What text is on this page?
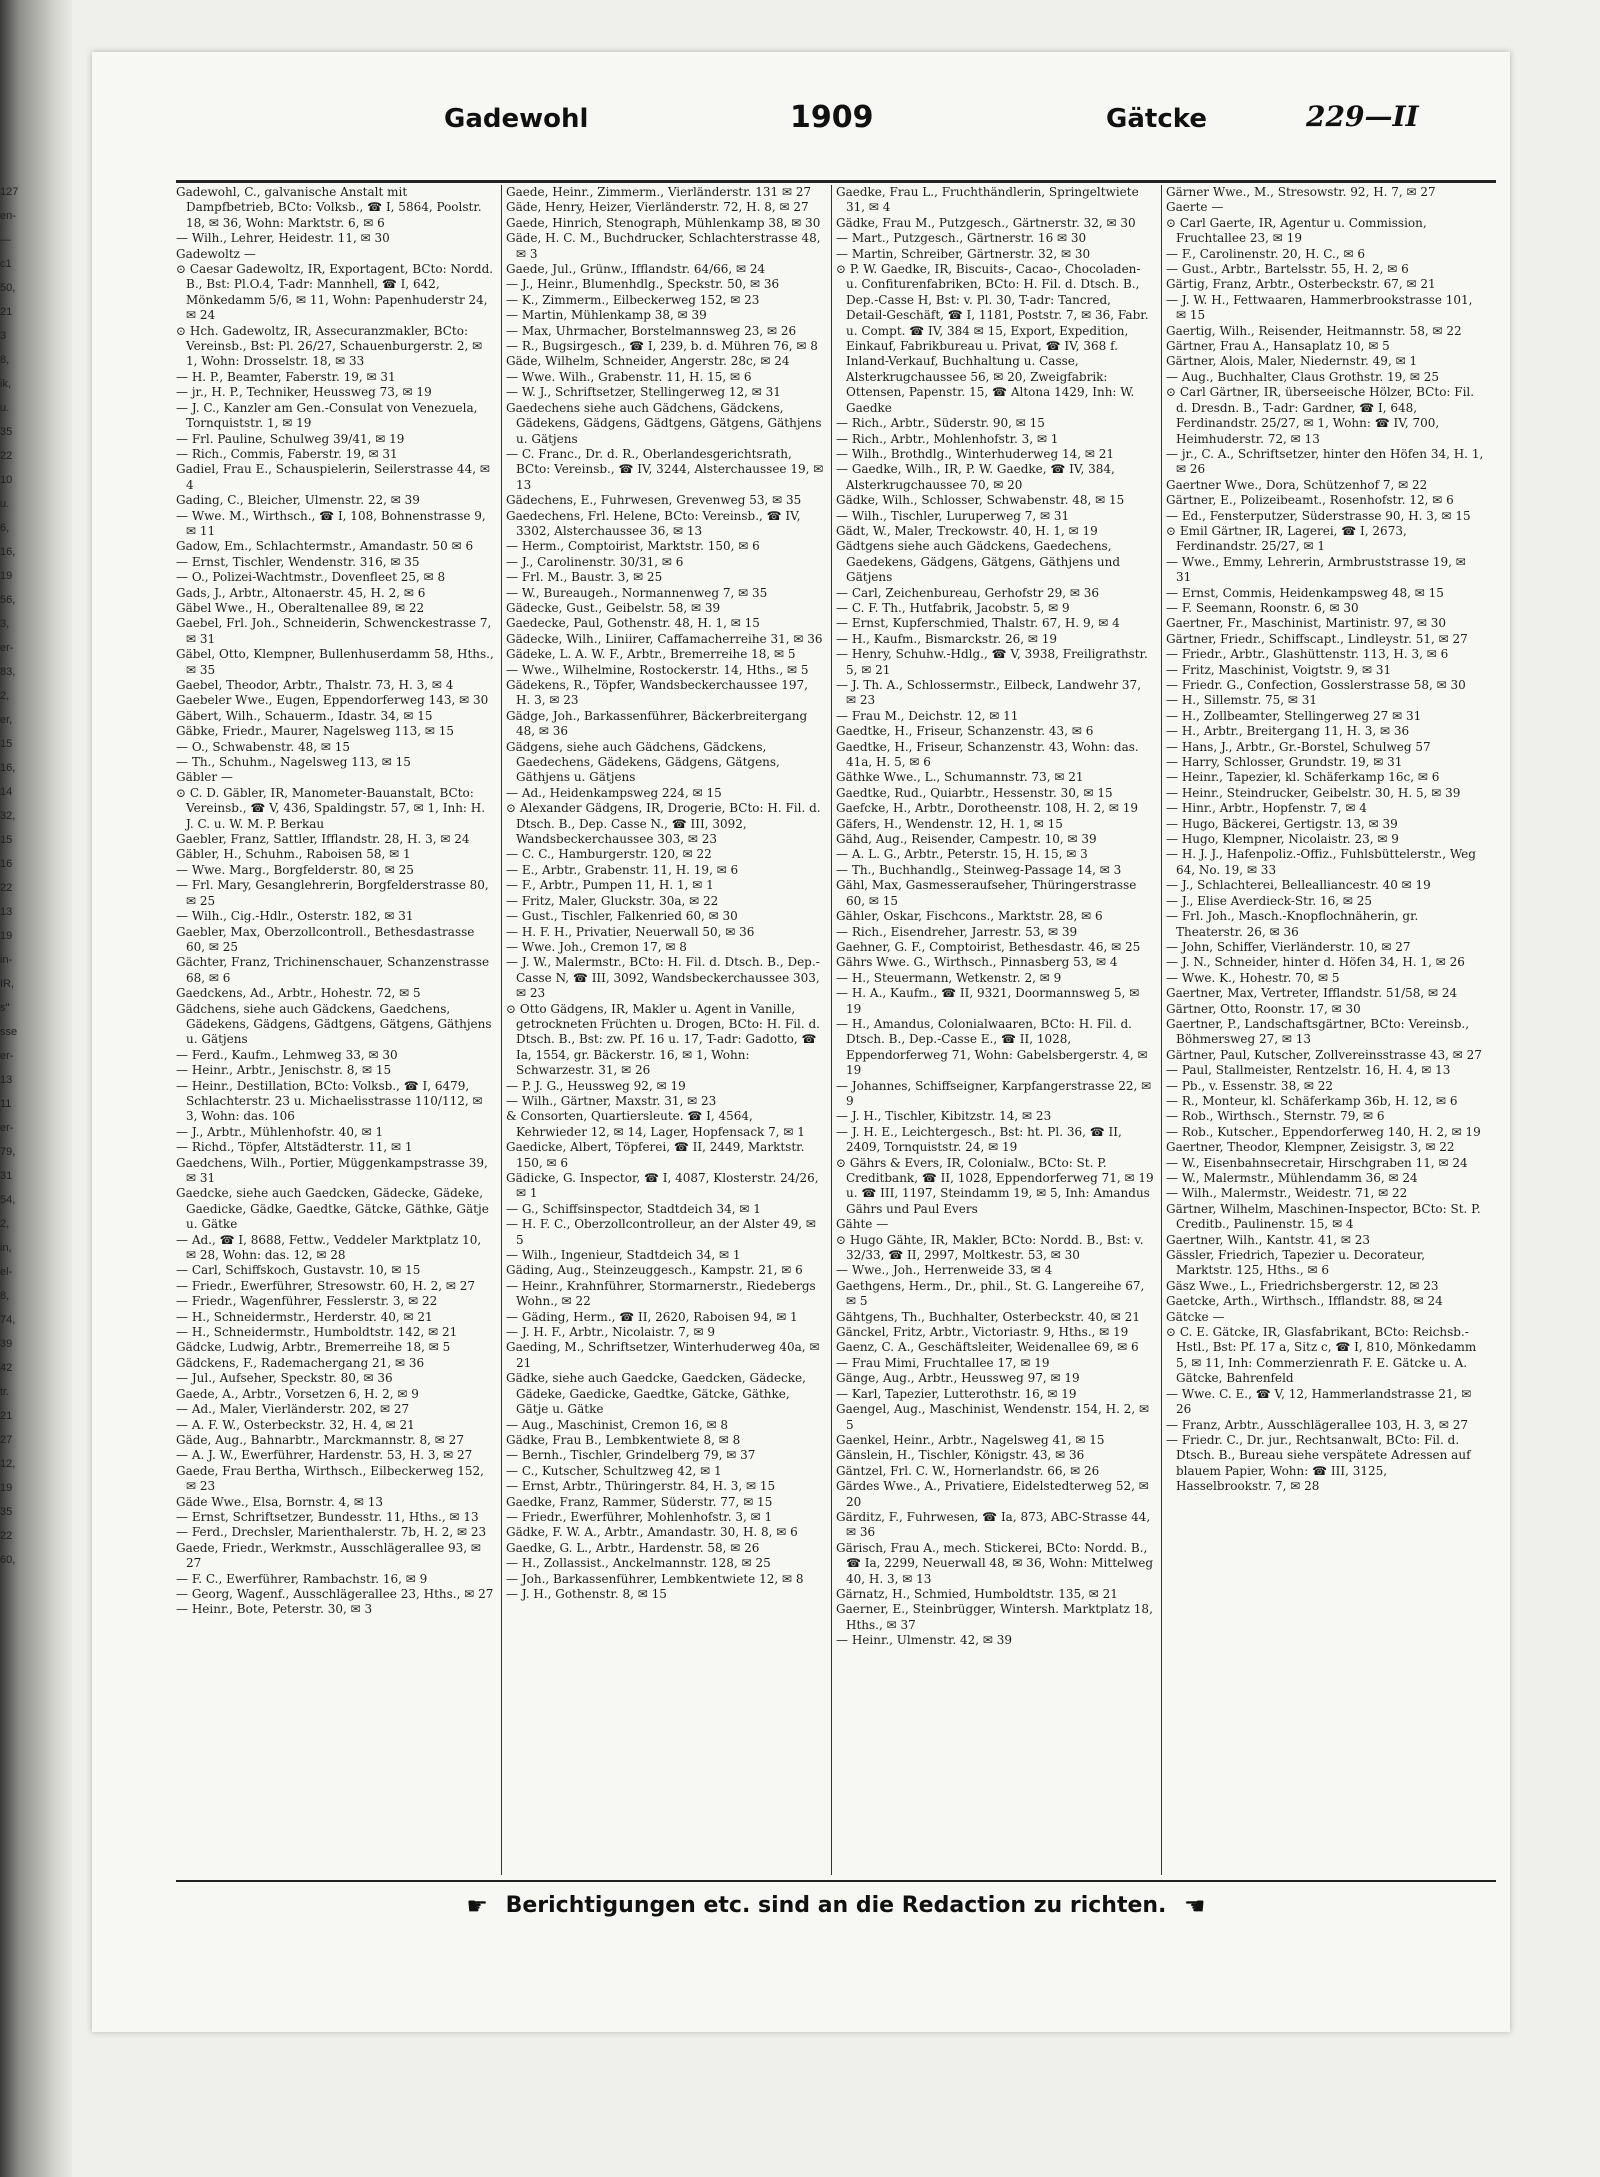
127
en-
—
c1
50,
21
3
8,
ik,
u.
35
22
10
u.
6,
16,
19
56,
3,
er-
83,
2,
er,
15
16,
14
32,
15
16
22
13
19
in-
IR,
s"
sse
er-
13
11
er-
79,
31
54,
2,
in,
el-
8,
74,
39
42
tr.
21
27
12,
19
35
22
60,
Gadewohl	1909	Gätcke	229—II
Gadewohl, C., galvanische Anstalt mit Dampfbetrieb, BCto: Volksb., ☎ I, 5864, Poolstr. 18, ✉ 36, Wohn: Marktstr. 6, ✉ 6
— Wilh., Lehrer, Heidestr. 11, ✉ 30
Gadewoltz —
⊙ Caesar Gadewoltz, IR, Exportagent, BCto: Nordd. B., Bst: Pl.O.4, T-adr: Mannhell, ☎ I, 642, Mönkedamm 5/6, ✉ 11, Wohn: Papenhuderstr 24, ✉ 24
⊙ Hch. Gadewoltz, IR, Assecuranzmakler, BCto: Vereinsb., Bst: Pl. 26/27, Schauenburgerstr. 2, ✉ 1, Wohn: Drosselstr. 18, ✉ 33
— H. P., Beamter, Faberstr. 19, ✉ 31
— jr., H. P., Techniker, Heussweg 73, ✉ 19
— J. C., Kanzler am Gen.-Consulat von Venezuela, Tornquiststr. 1, ✉ 19
— Frl. Pauline, Schulweg 39/41, ✉ 19
— Rich., Commis, Faberstr. 19, ✉ 31
Gadiel, Frau E., Schauspielerin, Seilerstrasse 44, ✉ 4
Gading, C., Bleicher, Ulmenstr. 22, ✉ 39
— Wwe. M., Wirthsch., ☎ I, 108, Bohnenstrasse 9, ✉ 11
Gadow, Em., Schlachtermstr., Amandastr. 50 ✉ 6
— Ernst, Tischler, Wendenstr. 316, ✉ 35
— O., Polizei-Wachtmstr., Dovenfleet 25, ✉ 8
Gads, J., Arbtr., Altonaerstr. 45, H. 2, ✉ 6
Gäbel Wwe., H., Oberaltenallee 89, ✉ 22
Gaebel, Frl. Joh., Schneiderin, Schwenckestrasse 7, ✉ 31
Gäbel, Otto, Klempner, Bullenhuserdamm 58, Hths., ✉ 35
Gaebel, Theodor, Arbtr., Thalstr. 73, H. 3, ✉ 4
Gaebeler Wwe., Eugen, Eppendorferweg 143, ✉ 30
Gäbert, Wilh., Schauerm., Idastr. 34, ✉ 15
Gäbke, Friedr., Maurer, Nagelsweg 113, ✉ 15
— O., Schwabenstr. 48, ✉ 15
— Th., Schuhm., Nagelsweg 113, ✉ 15
Gäbler —
⊙ C. D. Gäbler, IR, Manometer-Bauanstalt, BCto: Vereinsb., ☎ V, 436, Spaldingstr. 57, ✉ 1, Inh: H. J. C. u. W. M. P. Berkau
Gaebler, Franz, Sattler, Ifflandstr. 28, H. 3, ✉ 24
Gäbler, H., Schuhm., Raboisen 58, ✉ 1
— Wwe. Marg., Borgfelderstr. 80, ✉ 25
— Frl. Mary, Gesanglehrerin, Borgfelderstrasse 80, ✉ 25
— Wilh., Cig.-Hdlr., Osterstr. 182, ✉ 31
Gaebler, Max, Oberzollcontroll., Bethesdastrasse 60, ✉ 25
Gächter, Franz, Trichinenschauer, Schanzenstrasse 68, ✉ 6
Gaedckens, Ad., Arbtr., Hohestr. 72, ✉ 5
Gädchens, siehe auch Gädckens, Gaedchens, Gädekens, Gädgens, Gädtgens, Gätgens, Gäthjens u. Gätjens
— Ferd., Kaufm., Lehmweg 33, ✉ 30
— Heinr., Arbtr., Jenischstr. 8, ✉ 15
— Heinr., Destillation, BCto: Volksb., ☎ I, 6479, Schlachterstr. 23 u. Michaelisstrasse 110/112, ✉ 3, Wohn: das. 106
— J., Arbtr., Mühlenhofstr. 40, ✉ 1
— Richd., Töpfer, Altstädterstr. 11, ✉ 1
Gaedchens, Wilh., Portier, Müggenkampstrasse 39, ✉ 31
Gaedcke, siehe auch Gaedcken, Gädecke, Gädeke, Gaedicke, Gädke, Gaedtke, Gätcke, Gäthke, Gätje u. Gätke
— Ad., ☎ I, 8688, Fettw., Veddeler Marktplatz 10, ✉ 28, Wohn: das. 12, ✉ 28
— Carl, Schiffskoch, Gustavstr. 10, ✉ 15
— Friedr., Ewerführer, Stresowstr. 60, H. 2, ✉ 27
— Friedr., Wagenführer, Fesslerstr. 3, ✉ 22
— H., Schneidermstr., Herderstr. 40, ✉ 21
— H., Schneidermstr., Humboldtstr. 142, ✉ 21
Gädcke, Ludwig, Arbtr., Bremerreihe 18, ✉ 5
Gädckens, F., Rademachergang 21, ✉ 36
— Jul., Aufseher, Speckstr. 80, ✉ 36
Gaede, A., Arbtr., Vorsetzen 6, H. 2, ✉ 9
— Ad., Maler, Vierländerstr. 202, ✉ 27
— A. F. W., Osterbeckstr. 32, H. 4, ✉ 21
Gäde, Aug., Bahnarbtr., Marckmannstr. 8, ✉ 27
— A. J. W., Ewerführer, Hardenstr. 53, H. 3, ✉ 27
Gaede, Frau Bertha, Wirthsch., Eilbeckerweg 152, ✉ 23
Gäde Wwe., Elsa, Bornstr. 4, ✉ 13
— Ernst, Schriftsetzer, Bundesstr. 11, Hths., ✉ 13
— Ferd., Drechsler, Marienthalerstr. 7b, H. 2, ✉ 23
Gaede, Friedr., Werkmstr., Ausschlägerallee 93, ✉ 27
— F. C., Ewerführer, Rambachstr. 16, ✉ 9
— Georg, Wagenf., Ausschlägerallee 23, Hths., ✉ 27
— Heinr., Bote, Peterstr. 30, ✉ 3
Gaede, Heinr., Zimmerm., Vierländerstr. 131 ✉ 27
Gäde, Henry, Heizer, Vierländerstr. 72, H. 8, ✉ 27
Gaede, Hinrich, Stenograph, Mühlenkamp 38, ✉ 30
Gäde, H. C. M., Buchdrucker, Schlachterstrasse 48, ✉ 3
Gaede, Jul., Grünw., Ifflandstr. 64/66, ✉ 24
— J., Heinr., Blumenhdlg., Speckstr. 50, ✉ 36
— K., Zimmerm., Eilbeckerweg 152, ✉ 23
— Martin, Mühlenkamp 38, ✉ 39
— Max, Uhrmacher, Borstelmannsweg 23, ✉ 26
— R., Bugsirgesch., ☎ I, 239, b. d. Mühren 76, ✉ 8
Gäde, Wilhelm, Schneider, Angerstr. 28c, ✉ 24
— Wwe. Wilh., Grabenstr. 11, H. 15, ✉ 6
— W. J., Schriftsetzer, Stellingerweg 12, ✉ 31
Gaedechens siehe auch Gädchens, Gädckens, Gädekens, Gädgens, Gädtgens, Gätgens, Gäthjens u. Gätjens
— C. Franc., Dr. d. R., Oberlandesgerichtsrath, BCto: Vereinsb., ☎ IV, 3244, Alsterchaussee 19, ✉ 13
Gädechens, E., Fuhrwesen, Grevenweg 53, ✉ 35
Gaedechens, Frl. Helene, BCto: Vereinsb., ☎ IV, 3302, Alsterchaussee 36, ✉ 13
— Herm., Comptoirist, Marktstr. 150, ✉ 6
— J., Carolinenstr. 30/31, ✉ 6
— Frl. M., Baustr. 3, ✉ 25
— W., Bureaugeh., Normannenweg 7, ✉ 35
Gädecke, Gust., Geibelstr. 58, ✉ 39
Gaedecke, Paul, Gothenstr. 48, H. 1, ✉ 15
Gädecke, Wilh., Liniirer, Caffamacherreihe 31, ✉ 36
Gädeke, L. A. W. F., Arbtr., Bremerreihe 18, ✉ 5
— Wwe., Wilhelmine, Rostockerstr. 14, Hths., ✉ 5
Gädekens, R., Töpfer, Wandsbeckerchaussee 197, H. 3, ✉ 23
Gädge, Joh., Barkassenführer, Bäckerbreitergang 48, ✉ 36
Gädgens, siehe auch Gädchens, Gädckens, Gaedechens, Gädekens, Gädgens, Gätgens, Gäthjens u. Gätjens
— Ad., Heidenkampsweg 224, ✉ 15
⊙ Alexander Gädgens, IR, Drogerie, BCto: H. Fil. d. Dtsch. B., Dep. Casse N., ☎ III, 3092, Wandsbeckerchaussee 303, ✉ 23
— C. C., Hamburgerstr. 120, ✉ 22
— E., Arbtr., Grabenstr. 11, H. 19, ✉ 6
— F., Arbtr., Pumpen 11, H. 1, ✉ 1
— Fritz, Maler, Gluckstr. 30a, ✉ 22
— Gust., Tischler, Falkenried 60, ✉ 30
— H. F. H., Privatier, Neuerwall 50, ✉ 36
— Wwe. Joh., Cremon 17, ✉ 8
— J. W., Malermstr., BCto: H. Fil. d. Dtsch. B., Dep.-Casse N, ☎ III, 3092, Wandsbeckerchaussee 303, ✉ 23
⊙ Otto Gädgens, IR, Makler u. Agent in Vanille, getrockneten Früchten u. Drogen, BCto: H. Fil. d. Dtsch. B., Bst: zw. Pf. 16 u. 17, T-adr: Gadotto, ☎ Ia, 1554, gr. Bäckerstr. 16, ✉ 1, Wohn: Schwarzestr. 31, ✉ 26
— P. J. G., Heussweg 92, ✉ 19
— Wilh., Gärtner, Maxstr. 31, ✉ 23
& Consorten, Quartiersleute. ☎ I, 4564, Kehrwieder 12, ✉ 14, Lager, Hopfensack 7, ✉ 1
Gaedicke, Albert, Töpferei, ☎ II, 2449, Marktstr. 150, ✉ 6
Gädicke, G. Inspector, ☎ I, 4087, Klosterstr. 24/26, ✉ 1
— G., Schiffsinspector, Stadtdeich 34, ✉ 1
— H. F. C., Oberzollcontrolleur, an der Alster 49, ✉ 5
— Wilh., Ingenieur, Stadtdeich 34, ✉ 1
Gäding, Aug., Steinzeuggesch., Kampstr. 21, ✉ 6
— Heinr., Krahnführer, Stormarnerstr., Riedebergs Wohn., ✉ 22
— Gäding, Herm., ☎ II, 2620, Raboisen 94, ✉ 1
— J. H. F., Arbtr., Nicolaistr. 7, ✉ 9
Gaeding, M., Schriftsetzer, Winterhuderweg 40a, ✉ 21
Gädke, siehe auch Gaedcke, Gaedcken, Gädecke, Gädeke, Gaedicke, Gaedtke, Gätcke, Gäthke, Gätje u. Gätke
— Aug., Maschinist, Cremon 16, ✉ 8
Gädke, Frau B., Lembkentwiete 8, ✉ 8
— Bernh., Tischler, Grindelberg 79, ✉ 37
— C., Kutscher, Schultzweg 42, ✉ 1
— Ernst, Arbtr., Thüringerstr. 84, H. 3, ✉ 15
Gaedke, Franz, Rammer, Süderstr. 77, ✉ 15
— Friedr., Ewerführer, Mohlenhofstr. 3, ✉ 1
Gädke, F. W. A., Arbtr., Amandastr. 30, H. 8, ✉ 6
Gaedke, G. L., Arbtr., Hardenstr. 58, ✉ 26
— H., Zollassist., Anckelmannstr. 128, ✉ 25
— Joh., Barkassenführer, Lembkentwiete 12, ✉ 8
— J. H., Gothenstr. 8, ✉ 15
Gaedke, Frau L., Fruchthändlerin, Springeltwiete 31, ✉ 4
Gädke, Frau M., Putzgesch., Gärtnerstr. 32, ✉ 30
— Mart., Putzgesch., Gärtnerstr. 16 ✉ 30
— Martin, Schreiber, Gärtnerstr. 32, ✉ 30
⊙ P. W. Gaedke, IR, Biscuits-, Cacao-, Chocoladen- u. Confiturenfabriken, BCto: H. Fil. d. Dtsch. B., Dep.-Casse H, Bst: v. Pl. 30, T-adr: Tancred, Detail-Geschäft, ☎ I, 1181, Poststr. 7, ✉ 36, Fabr. u. Compt. ☎ IV, 384 ✉ 15, Export, Expedition, Einkauf, Fabrikbureau u. Privat, ☎ IV, 368 f. Inland-Verkauf, Buchhaltung u. Casse, Alsterkrugchaussee 56, ✉ 20, Zweigfabrik: Ottensen, Papenstr. 15, ☎ Altona 1429, Inh: W. Gaedke
— Rich., Arbtr., Süderstr. 90, ✉ 15
— Rich., Arbtr., Mohlenhofstr. 3, ✉ 1
— Wilh., Brothdlg., Winterhuderweg 14, ✉ 21
— Gaedke, Wilh., IR, P. W. Gaedke, ☎ IV, 384, Alsterkrugchaussee 70, ✉ 20
Gädke, Wilh., Schlosser, Schwabenstr. 48, ✉ 15
— Wilh., Tischler, Luruperweg 7, ✉ 31
Gädt, W., Maler, Treckowstr. 40, H. 1, ✉ 19
Gädtgens siehe auch Gädckens, Gaedechens, Gaedekens, Gädgens, Gätgens, Gäthjens und Gätjens
— Carl, Zeichenbureau, Gerhofstr 29, ✉ 36
— C. F. Th., Hutfabrik, Jacobstr. 5, ✉ 9
— Ernst, Kupferschmied, Thalstr. 67, H. 9, ✉ 4
— H., Kaufm., Bismarckstr. 26, ✉ 19
— Henry, Schuhw.-Hdlg., ☎ V, 3938, Freiligrathstr. 5, ✉ 21
— J. Th. A., Schlossermstr., Eilbeck, Landwehr 37, ✉ 23
— Frau M., Deichstr. 12, ✉ 11
Gaedtke, H., Friseur, Schanzenstr. 43, ✉ 6
Gaedtke, H., Friseur, Schanzenstr. 43, Wohn: das. 41a, H. 5, ✉ 6
Gäthke Wwe., L., Schumannstr. 73, ✉ 21
Gaedtke, Rud., Quiarbtr., Hessenstr. 30, ✉ 15
Gaefcke, H., Arbtr., Dorotheenstr. 108, H. 2, ✉ 19
Gäfers, H., Wendenstr. 12, H. 1, ✉ 15
Gähd, Aug., Reisender, Campestr. 10, ✉ 39
— A. L. G., Arbtr., Peterstr. 15, H. 15, ✉ 3
— Th., Buchhandlg., Steinweg-Passage 14, ✉ 3
Gähl, Max, Gasmesseraufseher, Thüringerstrasse 60, ✉ 15
Gähler, Oskar, Fischcons., Marktstr. 28, ✉ 6
— Rich., Eisendreher, Jarrestr. 53, ✉ 39
Gaehner, G. F., Comptoirist, Bethesdastr. 46, ✉ 25
Gährs Wwe. G., Wirthsch., Pinnasberg 53, ✉ 4
— H., Steuermann, Wetkenstr. 2, ✉ 9
— H. A., Kaufm., ☎ II, 9321, Doormannsweg 5, ✉ 19
— H., Amandus, Colonialwaaren, BCto: H. Fil. d. Dtsch. B., Dep.-Casse E., ☎ II, 1028, Eppendorferweg 71, Wohn: Gabelsbergerstr. 4, ✉ 19
— Johannes, Schiffseigner, Karpfangerstrasse 22, ✉ 9
— J. H., Tischler, Kibitzstr. 14, ✉ 23
— J. H. E., Leichtergesch., Bst: ht. Pl. 36, ☎ II, 2409, Tornquiststr. 24, ✉ 19
⊙ Gährs & Evers, IR, Colonialw., BCto: St. P. Creditbank, ☎ II, 1028, Eppendorferweg 71, ✉ 19 u. ☎ III, 1197, Steindamm 19, ✉ 5, Inh: Amandus Gährs und Paul Evers
Gähte —
⊙ Hugo Gähte, IR, Makler, BCto: Nordd. B., Bst: v. 32/33, ☎ II, 2997, Moltkestr. 53, ✉ 30
— Wwe., Joh., Herrenweide 33, ✉ 4
Gaethgens, Herm., Dr., phil., St. G. Langereihe 67, ✉ 5
Gähtgens, Th., Buchhalter, Osterbeckstr. 40, ✉ 21
Gänckel, Fritz, Arbtr., Victoriastr. 9, Hths., ✉ 19
Gaenz, C. A., Geschäftsleiter, Weidenallee 69, ✉ 6
— Frau Mimi, Fruchtallee 17, ✉ 19
Gänge, Aug., Arbtr., Heussweg 97, ✉ 19
— Karl, Tapezier, Lutterothstr. 16, ✉ 19
Gaengel, Aug., Maschinist, Wendenstr. 154, H. 2, ✉ 5
Gaenkel, Heinr., Arbtr., Nagelsweg 41, ✉ 15
Gänslein, H., Tischler, Königstr. 43, ✉ 36
Gäntzel, Frl. C. W., Hornerlandstr. 66, ✉ 26
Gärdes Wwe., A., Privatiere, Eidelstedterweg 52, ✉ 20
Gärditz, F., Fuhrwesen, ☎ Ia, 873, ABC-Strasse 44, ✉ 36
Gärisch, Frau A., mech. Stickerei, BCto: Nordd. B., ☎ Ia, 2299, Neuerwall 48, ✉ 36, Wohn: Mittelweg 40, H. 3, ✉ 13
Gärnatz, H., Schmied, Humboldtstr. 135, ✉ 21
Gaerner, E., Steinbrügger, Wintersh. Marktplatz 18, Hths., ✉ 37
— Heinr., Ulmenstr. 42, ✉ 39
Gärner Wwe., M., Stresowstr. 92, H. 7, ✉ 27
Gaerte —
⊙ Carl Gaerte, IR, Agentur u. Commission, Fruchtallee 23, ✉ 19
— F., Carolinenstr. 20, H. C., ✉ 6
— Gust., Arbtr., Bartelsstr. 55, H. 2, ✉ 6
Gärtig, Franz, Arbtr., Osterbeckstr. 67, ✉ 21
— J. W. H., Fettwaaren, Hammerbrookstrasse 101, ✉ 15
Gaertig, Wilh., Reisender, Heitmannstr. 58, ✉ 22
Gärtner, Frau A., Hansaplatz 10, ✉ 5
Gärtner, Alois, Maler, Niedernstr. 49, ✉ 1
— Aug., Buchhalter, Claus Grothstr. 19, ✉ 25
⊙ Carl Gärtner, IR, überseeische Hölzer, BCto: Fil. d. Dresdn. B., T-adr: Gardner, ☎ I, 648, Ferdinandstr. 25/27, ✉ 1, Wohn: ☎ IV, 700, Heimhuderstr. 72, ✉ 13
— jr., C. A., Schriftsetzer, hinter den Höfen 34, H. 1, ✉ 26
Gaertner Wwe., Dora, Schützenhof 7, ✉ 22
Gärtner, E., Polizeibeamt., Rosenhofstr. 12, ✉ 6
— Ed., Fensterputzer, Süderstrasse 90, H. 3, ✉ 15
⊙ Emil Gärtner, IR, Lagerei, ☎ I, 2673, Ferdinandstr. 25/27, ✉ 1
— Wwe., Emmy, Lehrerin, Armbruststrasse 19, ✉ 31
— Ernst, Commis, Heidenkampsweg 48, ✉ 15
— F. Seemann, Roonstr. 6, ✉ 30
Gaertner, Fr., Maschinist, Martinistr. 97, ✉ 30
Gärtner, Friedr., Schiffscapt., Lindleystr. 51, ✉ 27
— Friedr., Arbtr., Glashüttenstr. 113, H. 3, ✉ 6
— Fritz, Maschinist, Voigtstr. 9, ✉ 31
— Friedr. G., Confection, Gosslerstrasse 58, ✉ 30
— H., Sillemstr. 75, ✉ 31
— H., Zollbeamter, Stellingerweg 27 ✉ 31
— H., Arbtr., Breitergang 11, H. 3, ✉ 36
— Hans, J., Arbtr., Gr.-Borstel, Schulweg 57
— Harry, Schlosser, Grundstr. 19, ✉ 31
— Heinr., Tapezier, kl. Schäferkamp 16c, ✉ 6
— Heinr., Steindrucker, Geibelstr. 30, H. 5, ✉ 39
— Hinr., Arbtr., Hopfenstr. 7, ✉ 4
— Hugo, Bäckerei, Gertigstr. 13, ✉ 39
— Hugo, Klempner, Nicolaistr. 23, ✉ 9
— H. J. J., Hafenpoliz.-Offiz., Fuhlsbüttelerstr., Weg 64, No. 19, ✉ 33
— J., Schlachterei, Bellealliancestr. 40 ✉ 19
— J., Elise Averdieck-Str. 16, ✉ 25
— Frl. Joh., Masch.-Knopflochnäherin, gr. Theaterstr. 26, ✉ 36
— John, Schiffer, Vierländerstr. 10, ✉ 27
— J. N., Schneider, hinter d. Höfen 34, H. 1, ✉ 26
— Wwe. K., Hohestr. 70, ✉ 5
Gaertner, Max, Vertreter, Ifflandstr. 51/58, ✉ 24
Gärtner, Otto, Roonstr. 17, ✉ 30
Gaertner, P., Landschaftsgärtner, BCto: Vereinsb., Böhmersweg 27, ✉ 13
Gärtner, Paul, Kutscher, Zollvereinsstrasse 43, ✉ 27
— Paul, Stallmeister, Rentzelstr. 16, H. 4, ✉ 13
— Pb., v. Essenstr. 38, ✉ 22
— R., Monteur, kl. Schäferkamp 36b, H. 12, ✉ 6
— Rob., Wirthsch., Sternstr. 79, ✉ 6
— Rob., Kutscher., Eppendorferweg 140, H. 2, ✉ 19
Gaertner, Theodor, Klempner, Zeisigstr. 3, ✉ 22
— W., Eisenbahnsecretair, Hirschgraben 11, ✉ 24
— W., Malermstr., Mühlendamm 36, ✉ 24
— Wilh., Malermstr., Weidestr. 71, ✉ 22
Gärtner, Wilhelm, Maschinen-Inspector, BCto: St. P. Creditb., Paulinenstr. 15, ✉ 4
Gaertner, Wilh., Kantstr. 41, ✉ 23
Gässler, Friedrich, Tapezier u. Decorateur, Marktstr. 125, Hths., ✉ 6
Gäsz Wwe., L., Friedrichsbergerstr. 12, ✉ 23
Gaetcke, Arth., Wirthsch., Ifflandstr. 88, ✉ 24
Gätcke —
⊙ C. E. Gätcke, IR, Glasfabrikant, BCto: Reichsb.-Hstl., Bst: Pf. 17 a, Sitz c, ☎ I, 810, Mönkedamm 5, ✉ 11, Inh: Commerzienrath F. E. Gätcke u. A. Gätcke, Bahrenfeld
— Wwe. C. E., ☎ V, 12, Hammerlandstrasse 21, ✉ 26
— Franz, Arbtr., Ausschlägerallee 103, H. 3, ✉ 27
— Friedr. C., Dr. jur., Rechtsanwalt, BCto: Fil. d. Dtsch. B., Bureau siehe verspätete Adressen auf blauem Papier, Wohn: ☎ III, 3125, Hasselbrookstr. 7, ✉ 28
☛ Berichtigungen etc. sind an die Redaction zu richten. ☛
